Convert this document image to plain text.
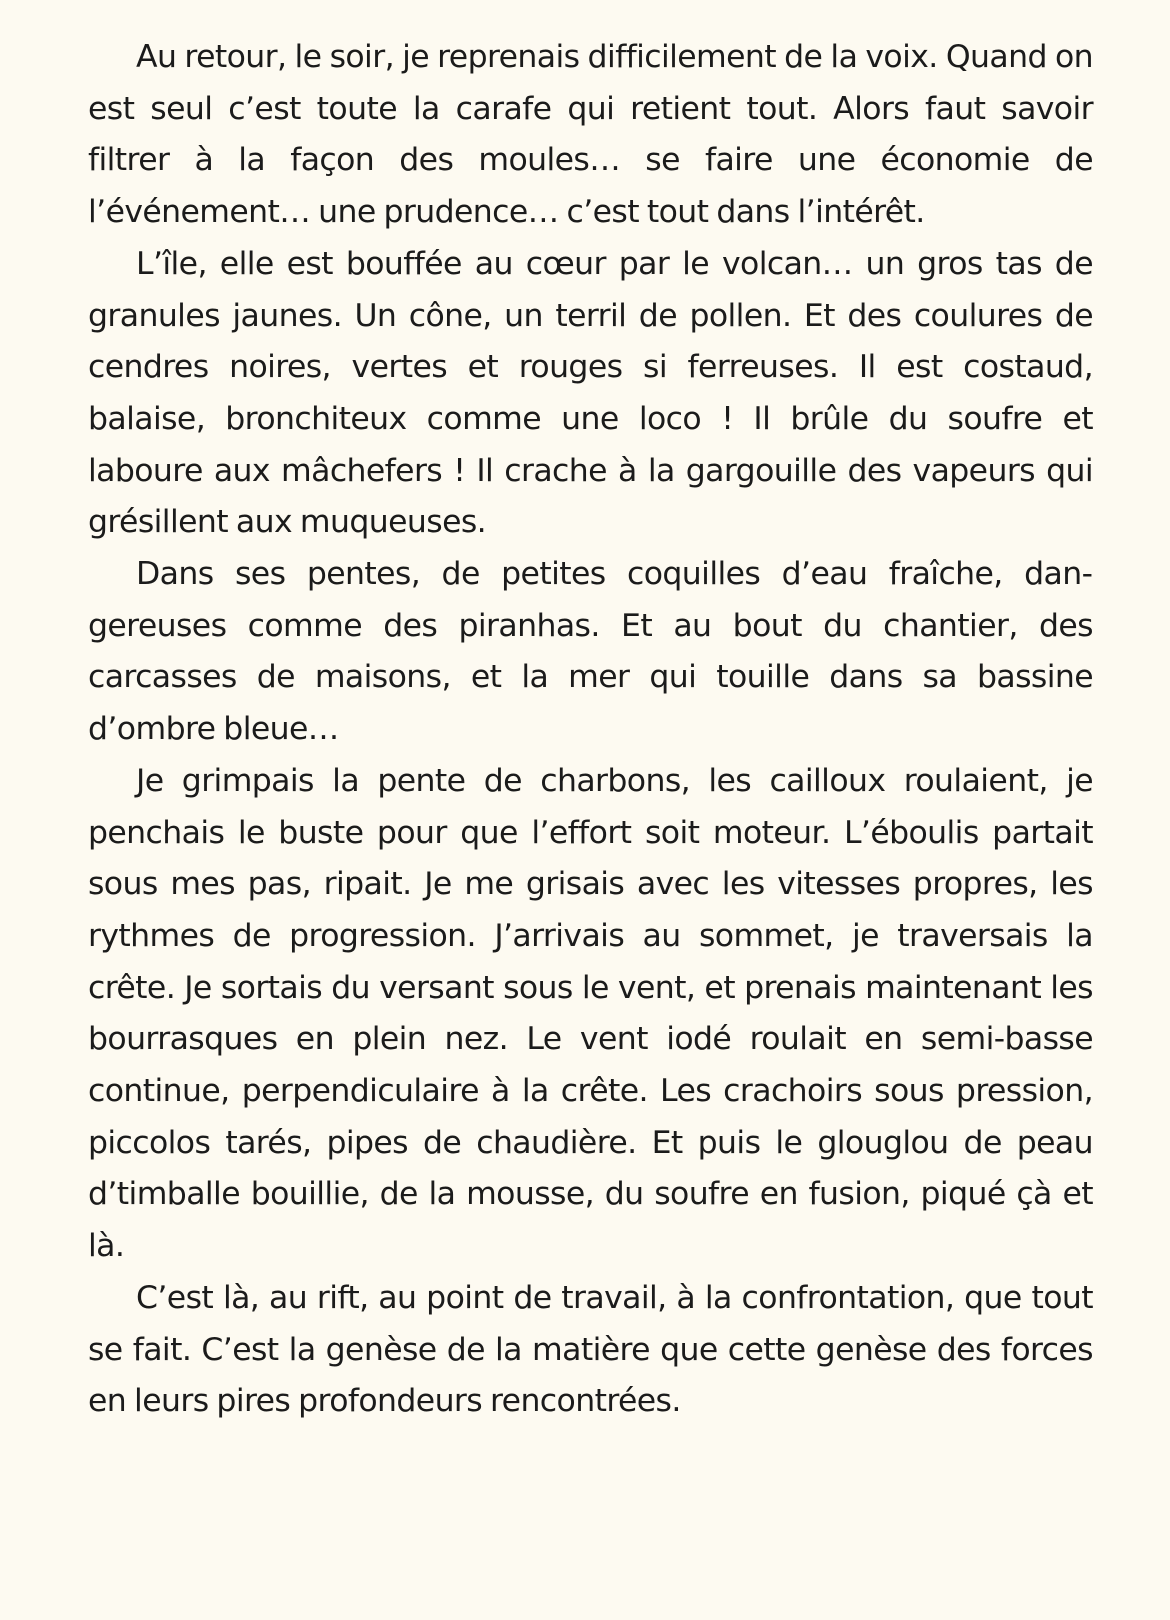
Au retour, le soir, je reprenais difficilement de la voix. Quand on est seul c’est toute la carafe qui retient tout. Alors faut savoir filtrer à la façon des moules… se faire une économie de l’événement… une prudence… c’est tout dans l’intérêt.

L’île, elle est bouffée au cœur par le volcan… un gros tas de granules jaunes. Un cône, un terril de pollen. Et des coulures de cendres noires, vertes et rouges si ferreuses. Il est costaud, balaise, bronchiteux comme une loco ! Il brûle du soufre et laboure aux mâchefers ! Il crache à la gargouille des vapeurs qui grésillent aux muqueuses.

Dans ses pentes, de petites coquilles d’eau fraîche, dangereuses comme des piranhas. Et au bout du chantier, des carcasses de maisons, et la mer qui touille dans sa bassine d’ombre bleue…

Je grimpais la pente de charbons, les cailloux roulaient, je penchais le buste pour que l’effort soit moteur. L’éboulis partait sous mes pas, ripait. Je me grisais avec les vitesses propres, les rythmes de progression. J’arrivais au sommet, je traversais la crête. Je sortais du versant sous le vent, et prenais maintenant les bourrasques en plein nez. Le vent iodé roulait en semi-basse continue, perpendiculaire à la crête. Les crachoirs sous pression, piccolos tarés, pipes de chaudière. Et puis le glouglou de peau d’timballe bouillie, de la mousse, du soufre en fusion, piqué çà et là.

C’est là, au rift, au point de travail, à la confrontation, que tout se fait. C’est la genèse de la matière que cette genèse des forces en leurs pires profondeurs rencontrées.
